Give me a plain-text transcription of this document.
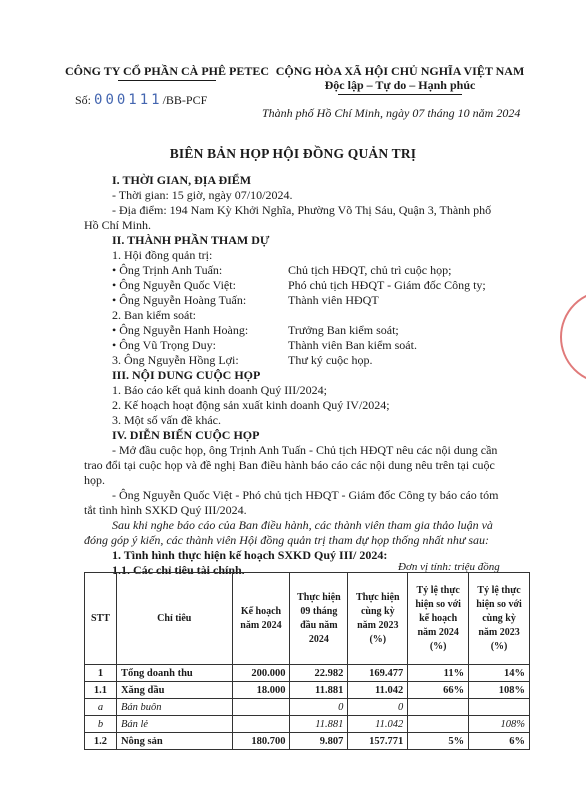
CÔNG TY CỔ PHẦN CÀ PHÊ PETEC CỘNG HÒA XÃ HỘI CHỦ NGHĨA VIỆT NAM
Độc lập – Tự do – Hạnh phúc
Số: 000111/BB-PCF
Thành phố Hồ Chí Minh, ngày 07 tháng 10 năm 2024
BIÊN BẢN HỌP HỘI ĐỒNG QUẢN TRỊ
I. THỜI GIAN, ĐỊA ĐIỂM
- Thời gian: 15 giờ, ngày 07/10/2024.
- Địa điểm: 194 Nam Kỳ Khởi Nghĩa, Phường Võ Thị Sáu, Quận 3, Thành phố
Hồ Chí Minh.
II. THÀNH PHẦN THAM DỰ
1. Hội đồng quản trị:
• Ông Trịnh Anh Tuấn:	Chủ tịch HĐQT, chủ trì cuộc họp;
• Ông Nguyễn Quốc Việt:	Phó chủ tịch HĐQT - Giám đốc Công ty;
• Ông Nguyễn Hoàng Tuấn:	Thành viên HĐQT
2. Ban kiểm soát:
• Ông Nguyễn Hanh Hoàng:	Trưởng Ban kiểm soát;
• Ông Vũ Trọng Duy:	Thành viên Ban kiểm soát.
3. Ông Nguyễn Hồng Lợi:	Thư ký cuộc họp.
III. NỘI DUNG CUỘC HỌP
1. Báo cáo kết quả kinh doanh Quý III/2024;
2. Kế hoạch hoạt động sản xuất kinh doanh Quý IV/2024;
3. Một số vấn đề khác.
IV. DIỄN BIẾN CUỘC HỌP
- Mở đầu cuộc họp, ông Trịnh Anh Tuấn - Chủ tịch HĐQT nêu các nội dung cần
trao đổi tại cuộc họp và đề nghị Ban điều hành báo cáo các nội dung nêu trên tại cuộc
họp.
- Ông Nguyễn Quốc Việt - Phó chủ tịch HĐQT - Giám đốc Công ty báo cáo tóm
tắt tình hình SXKD Quý III/2024.
Sau khi nghe báo cáo của Ban điều hành, các thành viên tham gia thảo luận và
đóng góp ý kiến, các thành viên Hội đồng quản trị tham dự họp thống nhất như sau:
1. Tình hình thực hiện kế hoạch SXKD Quý III/ 2024:
1.1. Các chỉ tiêu tài chính.	Đơn vị tính: triệu đồng
STT	Chỉ tiêu	Kế hoạch năm 2024	Thực hiện 09 tháng đầu năm 2024	Thực hiện cùng kỳ năm 2023 (%)	Tỷ lệ thực hiện so với kế hoạch năm 2024 (%)	Tỷ lệ thực hiện so với cùng kỳ năm 2023 (%)
1	Tổng doanh thu	200.000	22.982	169.477	11%	14%
1.1	Xăng dầu	18.000	11.881	11.042	66%	108%
a	Bán buôn		0	0		
b	Bán lẻ		11.881	11.042		108%
1.2	Nông sản	180.700	9.807	157.771	5%	6%
